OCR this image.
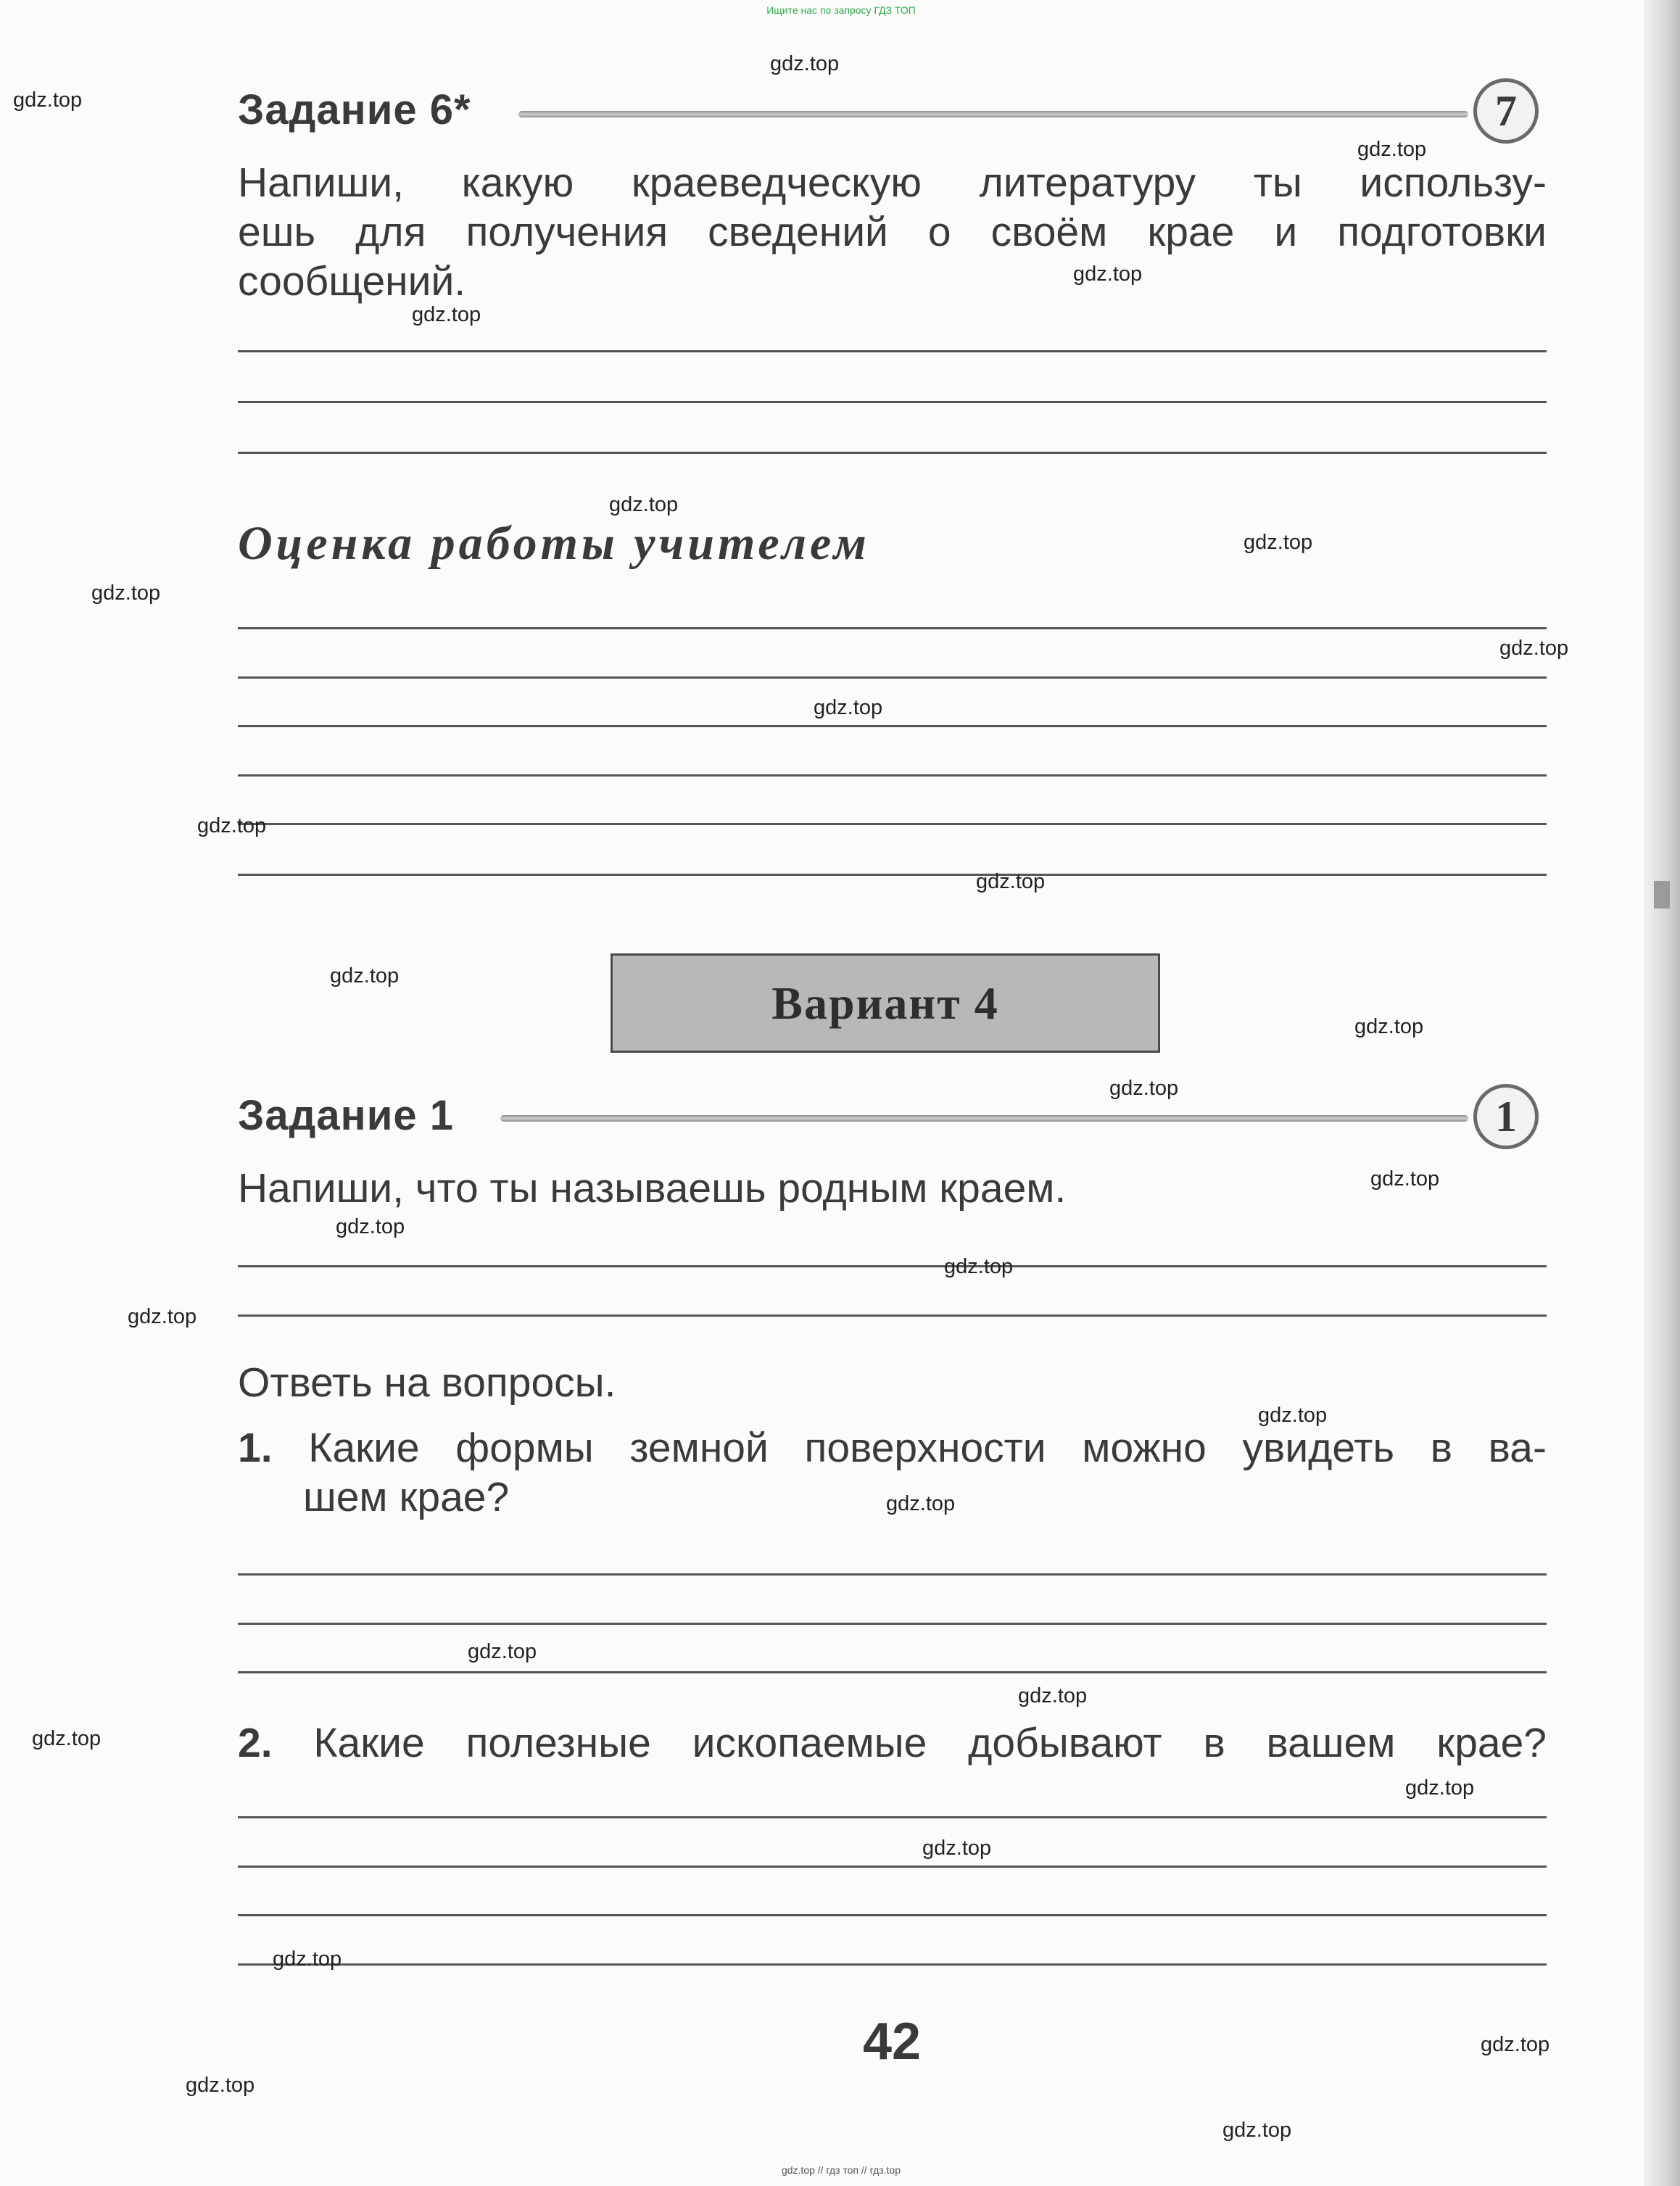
Ищите нас по запросу ГДЗ ТОП
Задание 6*	7
Напиши, какую краеведческую литературу ты использу-
ешь для получения сведений о своём крае и подготовки
сообщений.
Оценка работы учителем
Вариант 4
Задание 1	1
Напиши, что ты называешь родным краем.
Ответь на вопросы.
1. Какие формы земной поверхности можно увидеть в ва-
шем крае?
2. Какие полезные ископаемые добывают в вашем крае?
42
gdz.top
gdz.top
gdz.top
gdz.top
gdz.top
gdz.top
gdz.top
gdz.top
gdz.top
gdz.top
gdz.top
gdz.top
gdz.top
gdz.top
gdz.top
gdz.top
gdz.top
gdz.top
gdz.top
gdz.top
gdz.top
gdz.top
gdz.top
gdz.top
gdz.top
gdz.top
gdz.top
gdz.top
gdz.top
gdz.top
gdz.top // гдз топ // гдз.top
